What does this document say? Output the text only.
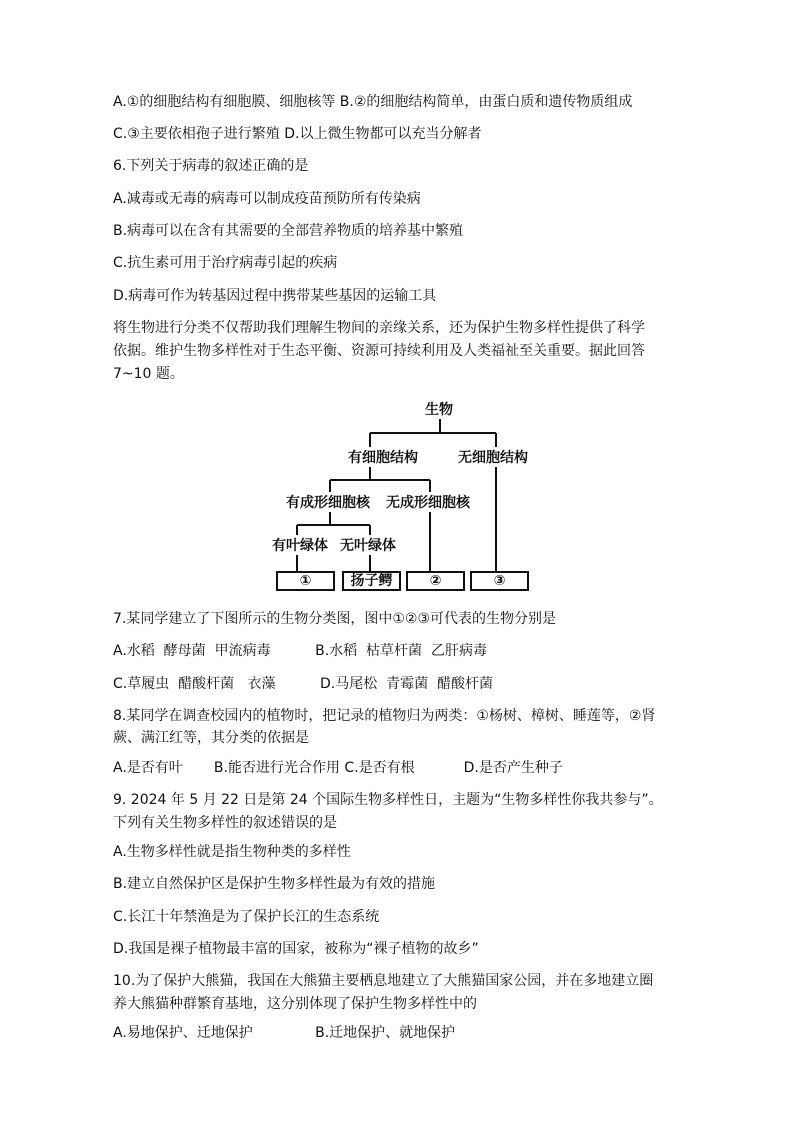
A.①的细胞结构有细胞膜、细胞核等 B.②的细胞结构简单，由蛋白质和遗传物质组成
C.③主要依相孢子进行繁殖 D.以上微生物都可以充当分解者
6.下列关于病毒的叙述正确的是
A.减毒或无毒的病毒可以制成疫苗预防所有传染病
B.病毒可以在含有其需要的全部营养物质的培养基中繁殖
C.抗生素可用于治疗病毒引起的疾病
D.病毒可作为转基因过程中携带某些基因的运输工具
将生物进行分类不仅帮助我们理解生物间的亲缘关系，还为保护生物多样性提供了科学
依据。维护生物多样性对于生态平衡、资源可持续利用及人类福祉至关重要。据此回答
7~10 题。
7.某同学建立了下图所示的生物分类图，图中①②③可代表的生物分别是
A.水稻  酵母菌  甲流病毒          B.水稻  枯草杆菌  乙肝病毒
C.草履虫  醋酸杆菌   衣藻          D.马尾松  青霉菌  醋酸杆菌
8.某同学在调查校园内的植物时，把记录的植物归为两类：①杨树、樟树、睡莲等，②肾
蕨、满江红等，其分类的依据是
A.是否有叶       B.能否进行光合作用 C.是否有根           D.是否产生种子
9. 2024 年 5 月 22 日是第 24 个国际生物多样性日，主题为“生物多样性你我共参与”。
下列有关生物多样性的叙述错误的是
A.生物多样性就是指生物种类的多样性
B.建立自然保护区是保护生物多样性最为有效的措施
C.长江十年禁渔是为了保护长江的生态系统
D.我国是裸子植物最丰富的国家，被称为“裸子植物的故乡”
10.为了保护大熊猫，我国在大熊猫主要栖息地建立了大熊猫国家公园，并在多地建立圈
养大熊猫种群繁育基地，这分别体现了保护生物多样性中的
A.易地保护、迁地保护              B.迁地保护、就地保护
生物
有细胞结构	无细胞结构
有成形细胞核 无成形细胞核
有叶绿体 无叶绿体
①	扬子鳄	②	③
